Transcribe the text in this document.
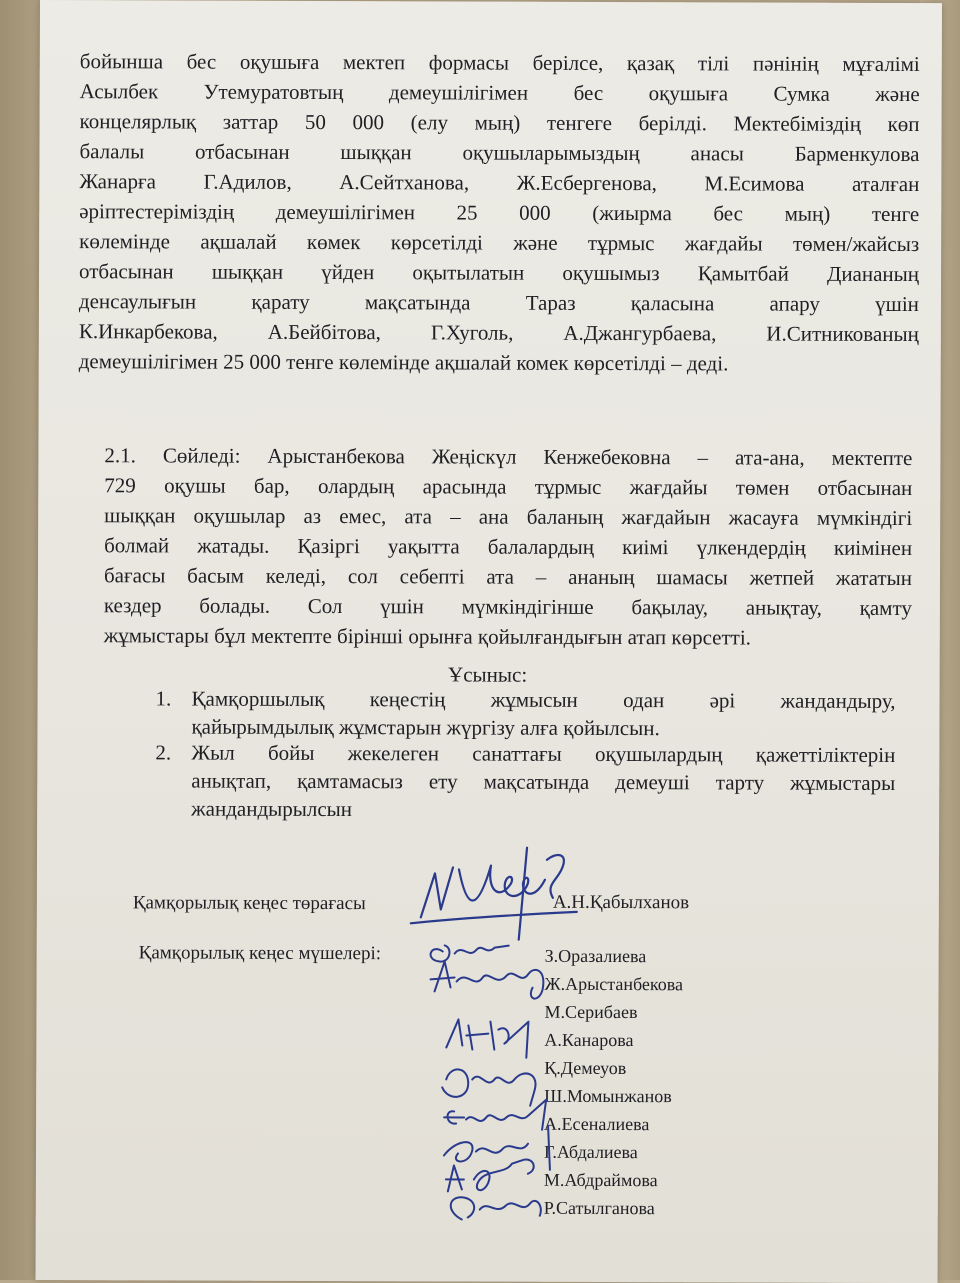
бойынша бес оқушыға мектеп формасы берілсе, қазақ тілі пәнінің мұғалімі
Асылбек Утемуратовтың демеушілігімен бес оқушыға Сумка және
концелярлық заттар 50 000 (елу мың) тенгеге берілді. Мектебіміздің көп
балалы отбасынан шыққан оқушыларымыздың анасы Барменкулова
Жанарға Г.Адилов, А.Сейтханова, Ж.Есбергенова, М.Есимова аталған
әріптестеріміздің демеушілігімен 25 000 (жиырма бес мың) тенге
көлемінде ақшалай көмек көрсетілді және тұрмыс жағдайы төмен/жайсыз
отбасынан шыққан үйден оқытылатын оқушымыз Қамытбай Диананың
денсаулығын қарату мақсатында Тараз қаласына апару үшін
К.Инкарбекова, А.Бейбітова, Г.Хуголь, А.Джангурбаева, И.Ситникованың
демеушілігімен 25 000 тенге көлемінде ақшалай комек көрсетілді – деді.
2.1. Сөйледі: Арыстанбекова Жеңіскүл Кенжебековна – ата-ана, мектепте
729 оқушы бар, олардың арасында тұрмыс жағдайы төмен отбасынан
шыққан оқушылар аз емес, ата – ана баланың жағдайын жасауға мүмкіндігі
болмай жатады. Қазіргі уақытта балалардың киімі үлкендердің киімінен
бағасы басым келеді, сол себепті ата – ананың шамасы жетпей жататын
кездер болады. Сол үшін мүмкіндігінше бақылау, анықтау, қамту
жұмыстары бұл мектепте бірінші орынға қойылғандығын атап көрсетті.
Ұсыныс:
1. Қамқоршылық кеңестің жұмысын одан әрі жандандыру,
қайырымдылық жұмстарын жүргізу алға қойылсын.
2. Жыл бойы жекелеген санаттағы оқушылардың қажеттіліктерін
анықтап, қамтамасыз ету мақсатында демеуші тарту жұмыстары
жандандырылсын
Қамқорылық кеңес төрағасы	А.Н.Қабылханов
Қамқорылық кеңес мүшелері:	З.Оразалиева
Ж.Арыстанбекова
М.Серибаев
А.Канарова
Қ.Демеуов
Ш.Момынжанов
А.Есеналиева
Г.Абдалиева
М.Абдраймова
Р.Сатылганова
